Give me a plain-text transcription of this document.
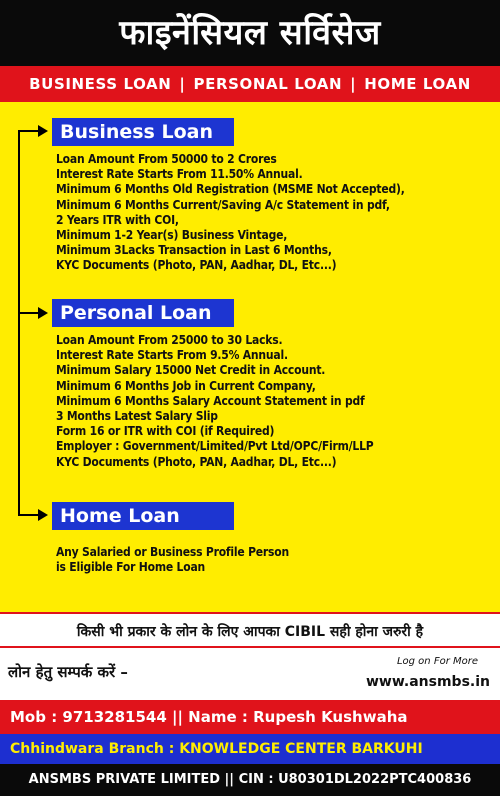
फाइनेंसियल सर्विसेज
BUSINESS LOAN | PERSONAL LOAN | HOME LOAN
Business Loan
Loan Amount From 50000 to 2 Crores
Interest Rate Starts From 11.50% Annual.
Minimum 6 Months Old Registration (MSME Not Accepted),
Minimum 6 Months Current/Saving A/c Statement in pdf,
2 Years ITR with COI,
Minimum 1-2 Year(s) Business Vintage,
Minimum 3Lacks Transaction in Last 6 Months,
KYC Documents (Photo, PAN, Aadhar, DL, Etc...)
Personal Loan
Loan Amount From 25000 to 30 Lacks.
Interest Rate Starts From 9.5% Annual.
Minimum Salary 15000 Net Credit in Account.
Minimum 6 Months Job in Current Company,
Minimum 6 Months Salary Account Statement in pdf
3 Months Latest Salary Slip
Form 16 or ITR with COI (if Required)
Employer : Government/Limited/Pvt Ltd/OPC/Firm/LLP
KYC Documents (Photo, PAN, Aadhar, DL, Etc...)
Home Loan
Any Salaried or Business Profile Person
is Eligible For Home Loan
किसी भी प्रकार के लोन के लिए आपका CIBIL सही होना जरुरी है
लोन हेतु सम्पर्क करें –
Log on For More
www.ansmbs.in
Mob : 9713281544 || Name : Rupesh Kushwaha
Chhindwara Branch : KNOWLEDGE CENTER BARKUHI
ANSMBS PRIVATE LIMITED || CIN : U80301DL2022PTC400836
